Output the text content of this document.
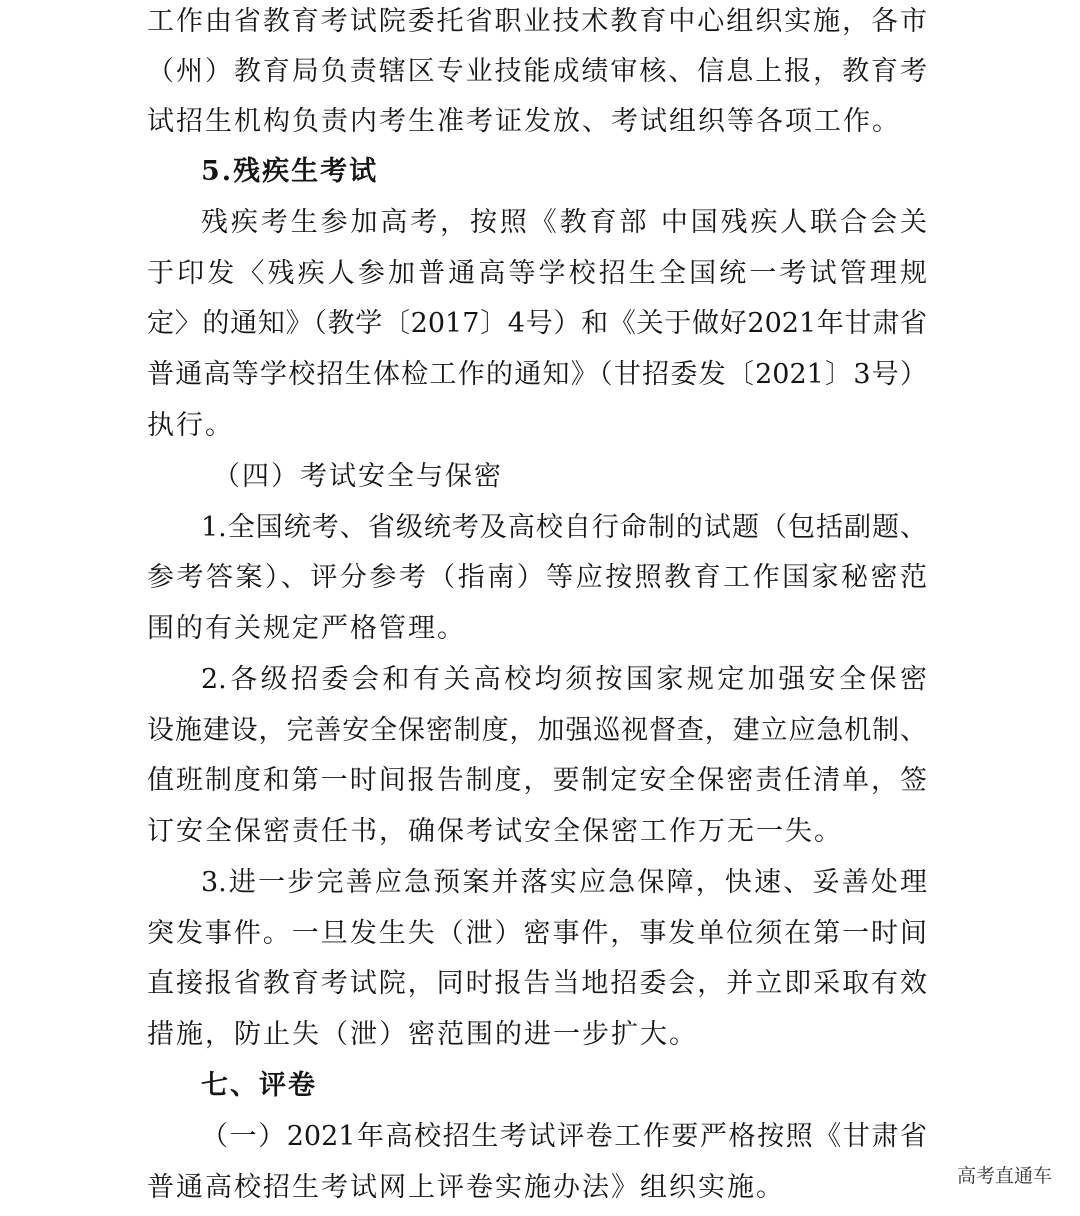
工作由省教育考试院委托省职业技术教育中心组织实施，各市
（州）教育局负责辖区专业技能成绩审核、信息上报，教育考
试招生机构负责内考生准考证发放、考试组织等各项工作。
5.残疾生考试
残疾考生参加高考，按照《教育部 中国残疾人联合会关
于印发〈残疾人参加普通高等学校招生全国统一考试管理规
定〉的通知》（教学〔2017〕4号）和《关于做好2021年甘肃省
普通高等学校招生体检工作的通知》（甘招委发〔2021〕3号）
执行。
（四）考试安全与保密
1.全国统考、省级统考及高校自行命制的试题（包括副题、
参考答案）、评分参考（指南）等应按照教育工作国家秘密范
围的有关规定严格管理。
2.各级招委会和有关高校均须按国家规定加强安全保密
设施建设，完善安全保密制度，加强巡视督查，建立应急机制、
值班制度和第一时间报告制度，要制定安全保密责任清单，签
订安全保密责任书，确保考试安全保密工作万无一失。
3.进一步完善应急预案并落实应急保障，快速、妥善处理
突发事件。一旦发生失（泄）密事件，事发单位须在第一时间
直接报省教育考试院，同时报告当地招委会，并立即采取有效
措施，防止失（泄）密范围的进一步扩大。
七、评卷
（一）2021年高校招生考试评卷工作要严格按照《甘肃省
普通高校招生考试网上评卷实施办法》组织实施。	高考直通车
